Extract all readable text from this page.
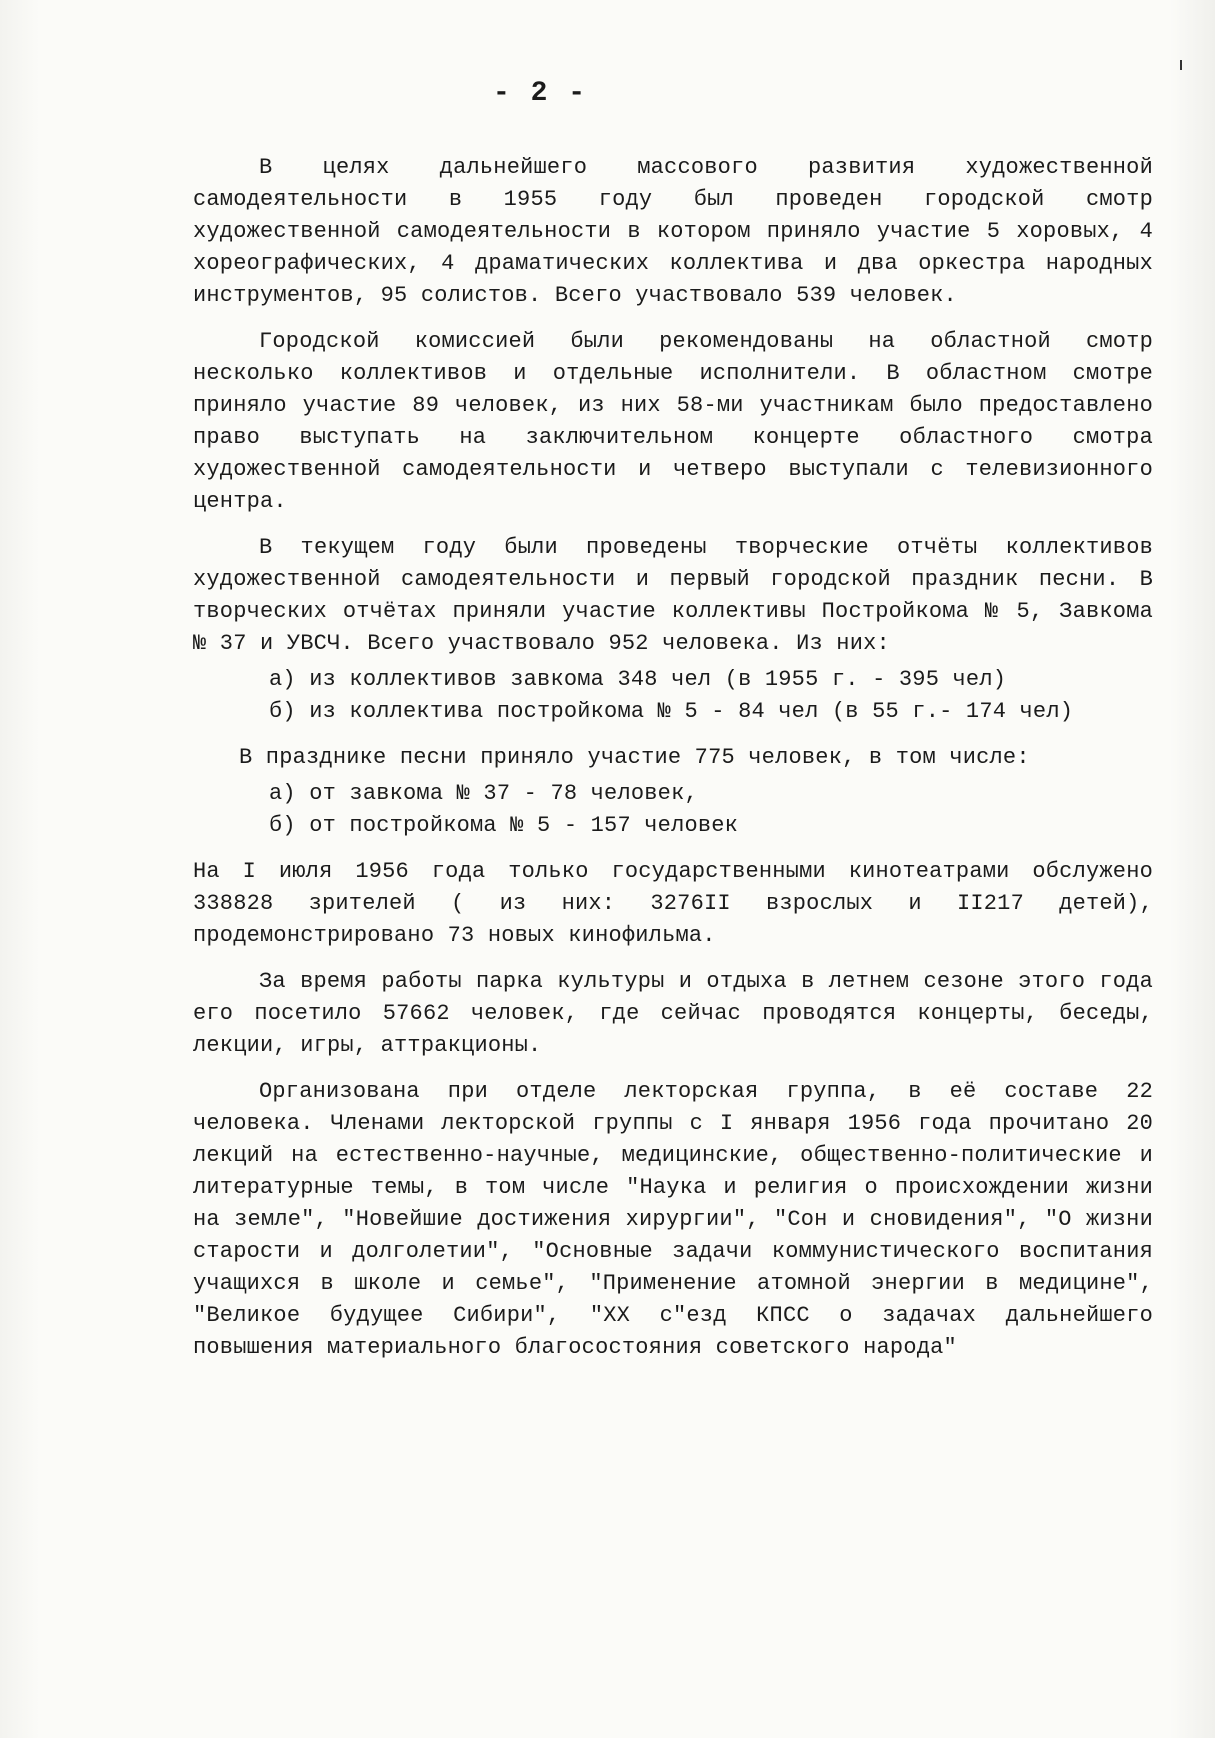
- 2 -

В целях дальнейшего массового развития художественной самодеятельности в 1955 году был проведен городской смотр художественной самодеятельности в котором приняло участие 5 хоровых, 4 хореографических, 4 драматических коллектива и два оркестра народных инструментов, 95 солистов. Всего участвовало 539 человек.

Городской комиссией были рекомендованы на областной смотр несколько коллективов и отдельные исполнители. В областном смотре приняло участие 89 человек, из них 58-ми участникам было предоставлено право выступать на заключительном концерте областного смотра художественной самодеятельности и четверо выступали с телевизионного центра.

В текущем году были проведены творческие отчёты коллективов художественной самодеятельности и первый городской праздник песни. В творческих отчётах приняли участие коллективы Постройкома № 5, Завкома № 37 и УВСЧ. Всего участвовало 952 человека. Из них:

а) из коллективов завкома 348 чел (в 1955 г. - 395 чел)
б) из коллектива постройкома № 5 - 84 чел (в 55 г.- 174 чел)

В празднике песни приняло участие 775 человек, в том числе:

а) от завкома № 37 - 78 человек,
б) от постройкома № 5 - 157 человек

На I июля 1956 года только государственными кинотеатрами обслужено 338828 зрителей ( из них: 3276II взрослых и II217 детей), продемонстрировано 73 новых кинофильма.

За время работы парка культуры и отдыха в летнем сезоне этого года его посетило 57662 человек, где сейчас проводятся концерты, беседы, лекции, игры, аттракционы.

Организована при отделе лекторская группа, в её составе 22 человека. Членами лекторской группы с I января 1956 года прочитано 20 лекций на естественно-научные, медицинские, общественно-политические и литературные темы, в том числе "Наука и религия о происхождении жизни на земле", "Новейшие достижения хирургии", "Сон и сновидения", "О жизни старости и долголетии", "Основные задачи коммунистического воспитания учащихся в школе и семье", "Применение атомной энергии в медицине", "Великое будущее Сибири", "XX с"езд КПСС о задачах дальнейшего повышения материального благосостояния советского народа"
